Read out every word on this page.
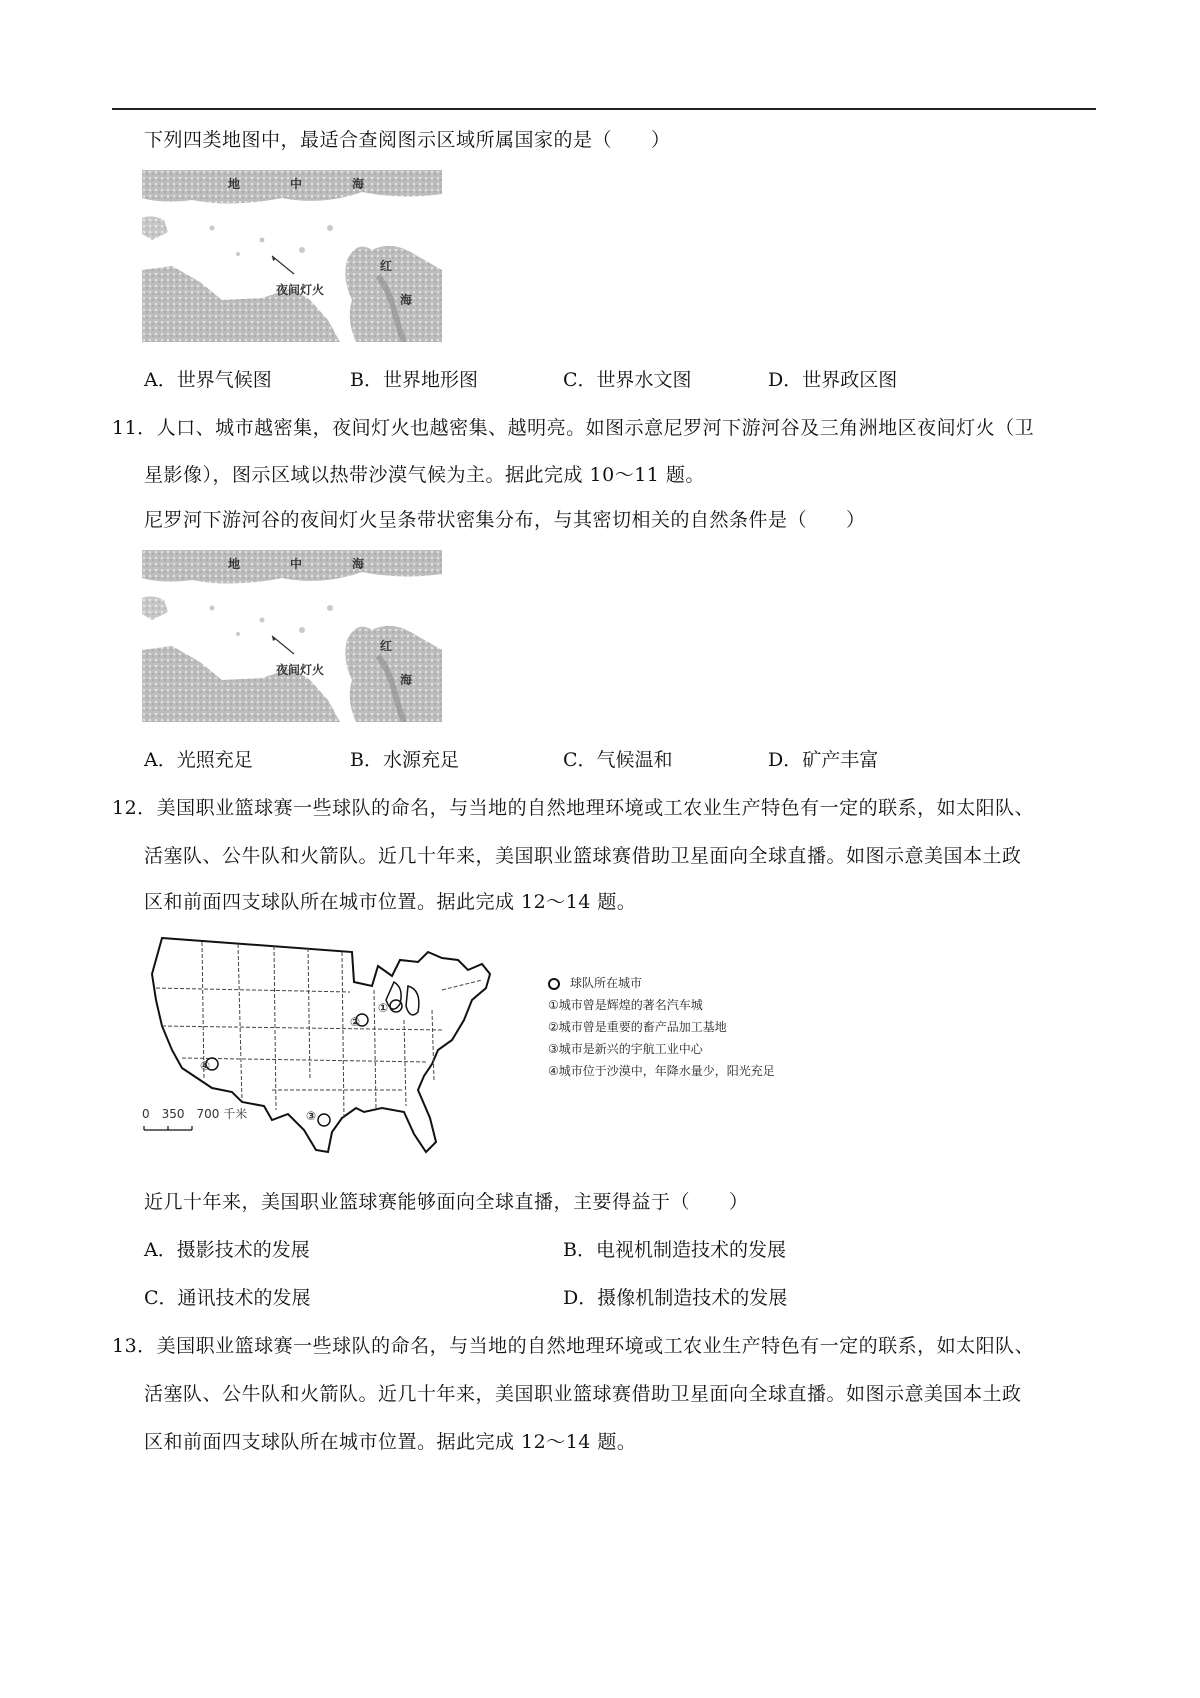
下列四类地图中，最适合查阅图示区域所属国家的是（　　）
地	中	海
夜间灯火
红
海
A．世界气候图	B．世界地形图	C．世界水文图	D．世界政区图
11．人口、城市越密集，夜间灯火也越密集、越明亮。如图示意尼罗河下游河谷及三角洲地区夜间灯火（卫
星影像），图示区域以热带沙漠气候为主。据此完成 10～11 题。
尼罗河下游河谷的夜间灯火呈条带状密集分布，与其密切相关的自然条件是（　　）
地	中	海
夜间灯火
红
海
A．光照充足	B．水源充足	C．气候温和	D．矿产丰富
12．美国职业篮球赛一些球队的命名，与当地的自然地理环境或工农业生产特色有一定的联系，如太阳队、
活塞队、公牛队和火箭队。近几十年来，美国职业篮球赛借助卫星面向全球直播。如图示意美国本土政
区和前面四支球队所在城市位置。据此完成 12～14 题。
①
②
③
④
0　350　700 千米
球队所在城市
①城市曾是辉煌的著名汽车城
②城市曾是重要的畜产品加工基地
③城市是新兴的宇航工业中心
④城市位于沙漠中，年降水量少，阳光充足
近几十年来，美国职业篮球赛能够面向全球直播，主要得益于（　　）
A．摄影技术的发展	B．电视机制造技术的发展
C．通讯技术的发展	D．摄像机制造技术的发展
13．美国职业篮球赛一些球队的命名，与当地的自然地理环境或工农业生产特色有一定的联系，如太阳队、
活塞队、公牛队和火箭队。近几十年来，美国职业篮球赛借助卫星面向全球直播。如图示意美国本土政
区和前面四支球队所在城市位置。据此完成 12～14 题。
